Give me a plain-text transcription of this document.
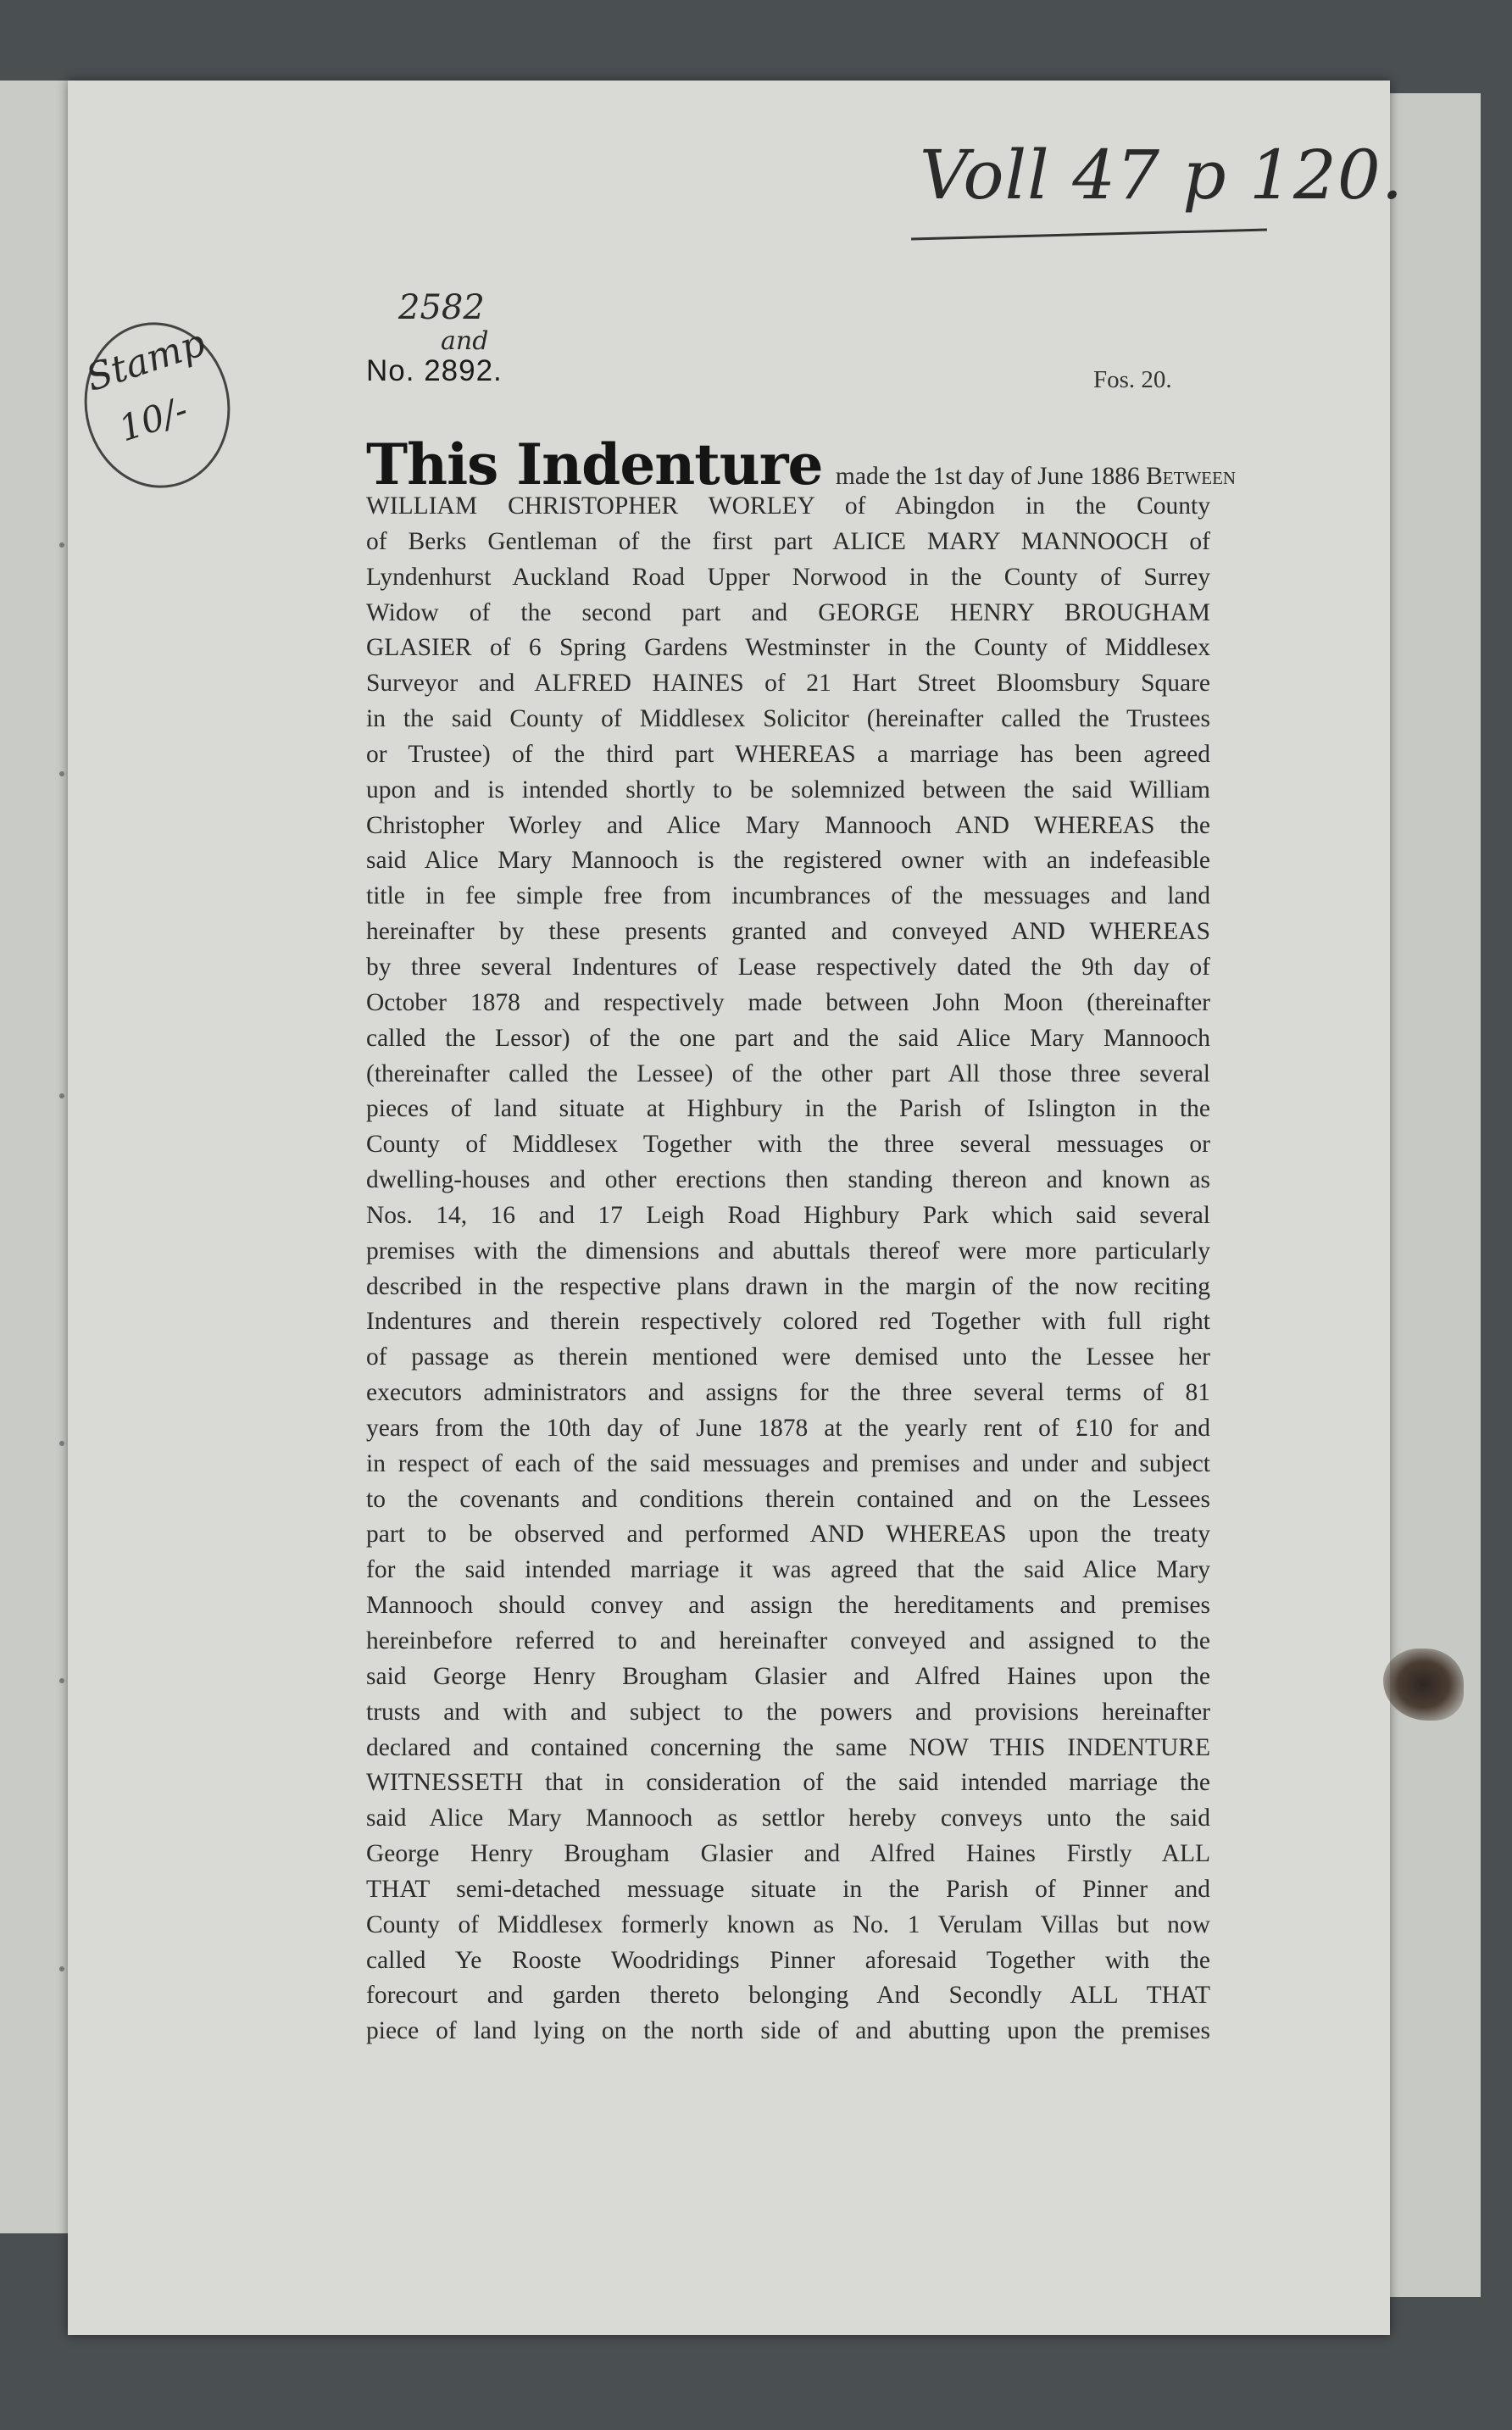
Voll 47 p 120.
2582
and
Stamp
10/-
No. 2892.	Fos. 20.
This Indenture made the 1st day of June 1886 Between
WILLIAM CHRISTOPHER WORLEY of Abingdon in the County
of Berks Gentleman of the first part ALICE MARY MANNOOCH of
Lyndenhurst Auckland Road Upper Norwood in the County of Surrey
Widow of the second part and GEORGE HENRY BROUGHAM
GLASIER of 6 Spring Gardens Westminster in the County of Middlesex
Surveyor and ALFRED HAINES of 21 Hart Street Bloomsbury Square
in the said County of Middlesex Solicitor (hereinafter called the Trustees
or Trustee) of the third part WHEREAS a marriage has been agreed
upon and is intended shortly to be solemnized between the said William
Christopher Worley and Alice Mary Mannooch AND WHEREAS the
said Alice Mary Mannooch is the registered owner with an indefeasible
title in fee simple free from incumbrances of the messuages and land
hereinafter by these presents granted and conveyed AND WHEREAS
by three several Indentures of Lease respectively dated the 9th day of
October 1878 and respectively made between John Moon (thereinafter
called the Lessor) of the one part and the said Alice Mary Mannooch
(thereinafter called the Lessee) of the other part All those three several
pieces of land situate at Highbury in the Parish of Islington in the
County of Middlesex Together with the three several messuages or
dwelling-houses and other erections then standing thereon and known as
Nos. 14, 16 and 17 Leigh Road Highbury Park which said several
premises with the dimensions and abuttals thereof were more particularly
described in the respective plans drawn in the margin of the now reciting
Indentures and therein respectively colored red Together with full right
of passage as therein mentioned were demised unto the Lessee her
executors administrators and assigns for the three several terms of 81
years from the 10th day of June 1878 at the yearly rent of £10 for and
in respect of each of the said messuages and premises and under and subject
to the covenants and conditions therein contained and on the Lessees
part to be observed and performed AND WHEREAS upon the treaty
for the said intended marriage it was agreed that the said Alice Mary
Mannooch should convey and assign the hereditaments and premises
hereinbefore referred to and hereinafter conveyed and assigned to the
said George Henry Brougham Glasier and Alfred Haines upon the
trusts and with and subject to the powers and provisions hereinafter
declared and contained concerning the same NOW THIS INDENTURE
WITNESSETH that in consideration of the said intended marriage the
said Alice Mary Mannooch as settlor hereby conveys unto the said
George Henry Brougham Glasier and Alfred Haines Firstly ALL
THAT semi-detached messuage situate in the Parish of Pinner and
County of Middlesex formerly known as No. 1 Verulam Villas but now
called Ye Rooste Woodridings Pinner aforesaid Together with the
forecourt and garden thereto belonging And Secondly ALL THAT
piece of land lying on the north side of and abutting upon the premises
